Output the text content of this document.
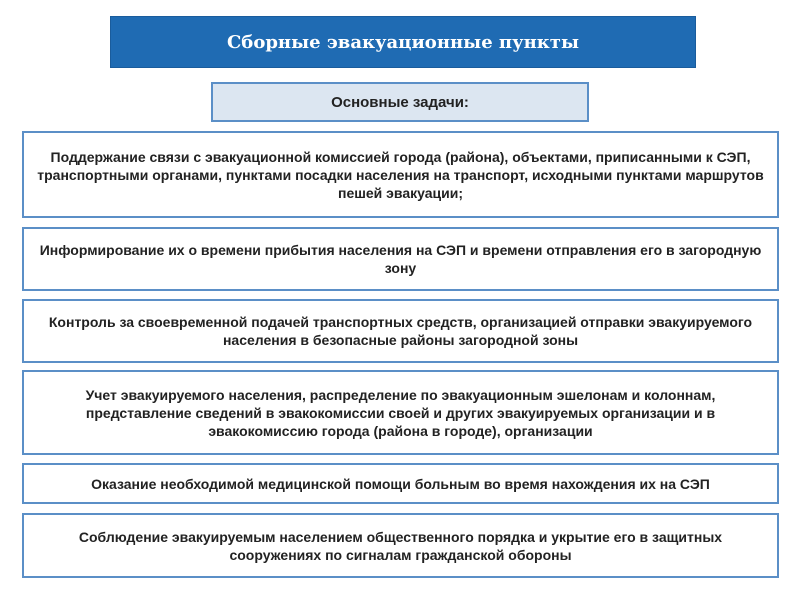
Сборные эвакуационные пункты
Основные задачи:
Поддержание связи с эвакуационной комиссией города (района), объектами, приписанными к СЭП, транспортными органами, пунктами посадки населения на транспорт, исходными пунктами маршрутов пешей эвакуации;
Информирование их о времени прибытия населения на СЭП и времени отправления его в загородную зону
Контроль за своевременной подачей транспортных средств, организацией отправки эвакуируемого населения в безопасные районы загородной зоны
Учет эвакуируемого населения, распределение по эвакуационным эшелонам и колоннам, представление сведений в эвакокомиссии своей и других эвакуируемых организации и в эвакокомиссию города (района в городе), организации
Оказание необходимой медицинской помощи больным во время нахождения их на СЭП
Соблюдение эвакуируемым населением общественного порядка и укрытие его в защитных сооружениях по сигналам гражданской обороны
